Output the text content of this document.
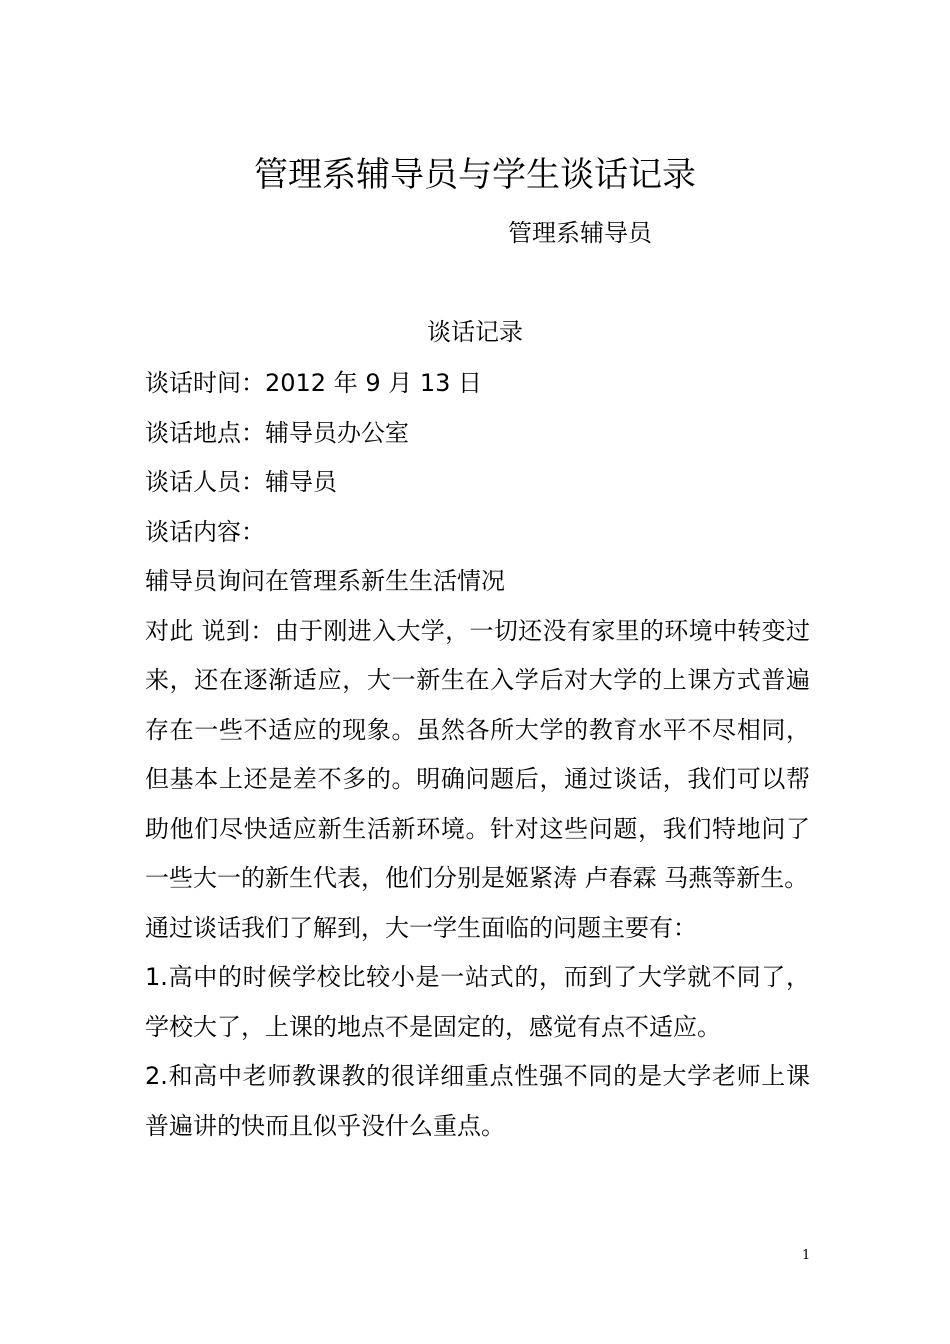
管理系辅导员与学生谈话记录
管理系辅导员
谈话记录

谈话时间：2012 年 9 月 13 日

谈话地点：辅导员办公室

谈话人员：辅导员

谈话内容：

辅导员询问在管理系新生生活情况

对此 说到：由于刚进入大学，一切还没有家里的环境中转变过来，还在逐渐适应，大一新生在入学后对大学的上课方式普遍存在一些不适应的现象。虽然各所大学的教育水平不尽相同，但基本上还是差不多的。明确问题后，通过谈话，我们可以帮助他们尽快适应新生活新环境。针对这些问题，我们特地问了一些大一的新生代表，他们分别是姬紧涛 卢春霖 马燕等新生。

通过谈话我们了解到，大一学生面临的问题主要有：

1.高中的时候学校比较小是一站式的，而到了大学就不同了，学校大了，上课的地点不是固定的，感觉有点不适应。

2.和高中老师教课教的很详细重点性强不同的是大学老师上课普遍讲的快而且似乎没什么重点。

1
